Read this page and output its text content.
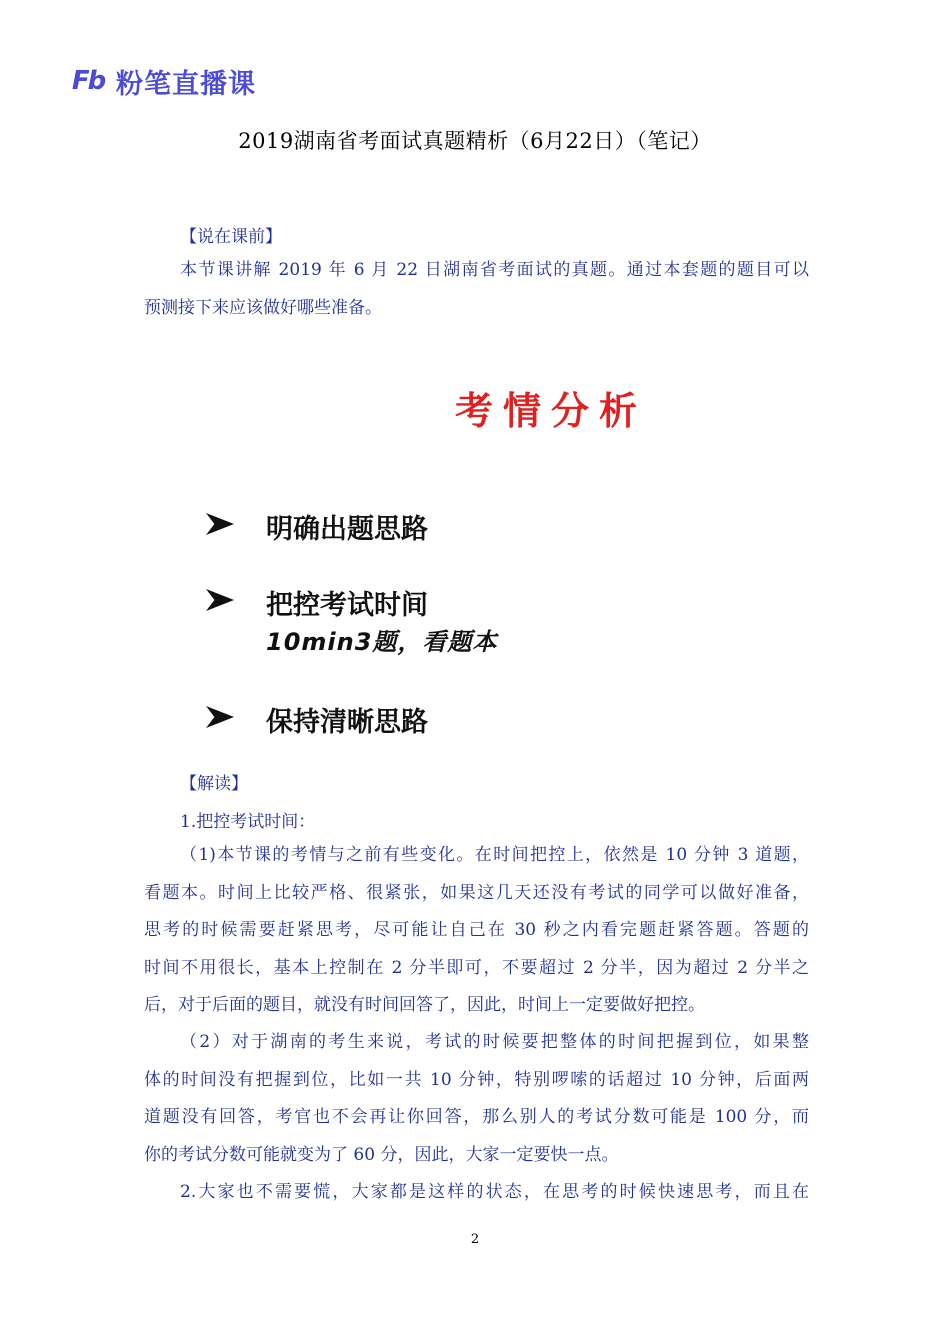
Fb 粉笔直播课
2019湖南省考面试真题精析（6月22日）（笔记）
【说在课前】
本节课讲解 2019 年 6 月 22 日湖南省考面试的真题。通过本套题的题目可以
预测接下来应该做好哪些准备。
考情分析
明确出题思路
把控考试时间
10min3题，看题本
保持清晰思路
【解读】
1.把控考试时间：
（1)本节课的考情与之前有些变化。在时间把控上，依然是 10 分钟 3 道题，
看题本。时间上比较严格、很紧张，如果这几天还没有考试的同学可以做好准备，
思考的时候需要赶紧思考，尽可能让自己在 30 秒之内看完题赶紧答题。答题的
时间不用很长，基本上控制在 2 分半即可，不要超过 2 分半，因为超过 2 分半之
后，对于后面的题目，就没有时间回答了，因此，时间上一定要做好把控。
（2）对于湖南的考生来说，考试的时候要把整体的时间把握到位，如果整
体的时间没有把握到位，比如一共 10 分钟，特别啰嗦的话超过 10 分钟，后面两
道题没有回答，考官也不会再让你回答，那么别人的考试分数可能是 100 分，而
你的考试分数可能就变为了 60 分，因此，大家一定要快一点。
2.大家也不需要慌，大家都是这样的状态，在思考的时候快速思考，而且在
2
